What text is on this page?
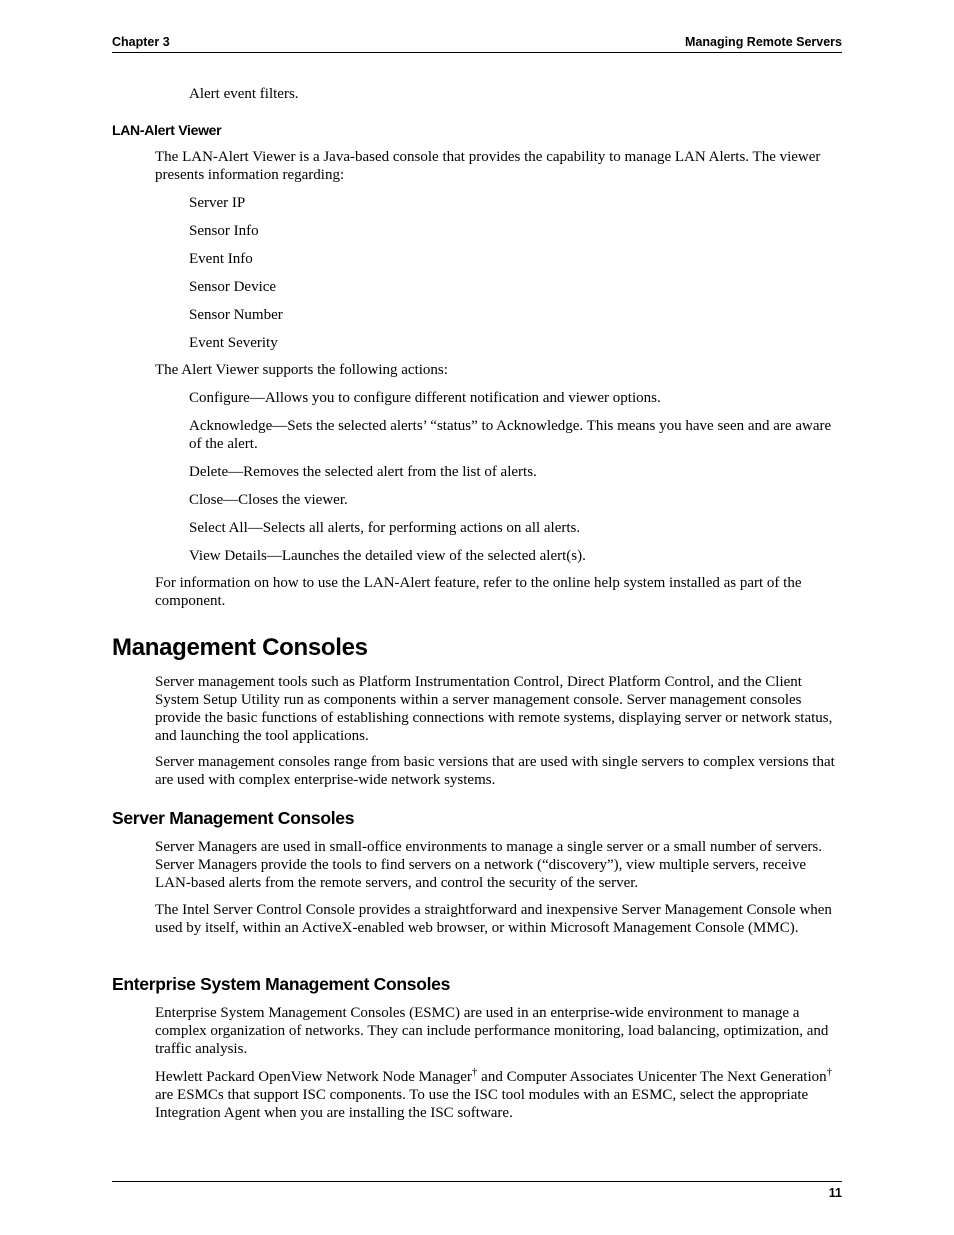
Chapter 3	Managing Remote Servers
Alert event filters.
LAN-Alert Viewer
The LAN-Alert Viewer is a Java-based console that provides the capability to manage LAN Alerts. The viewer presents information regarding:
Server IP
Sensor Info
Event Info
Sensor Device
Sensor Number
Event Severity
The Alert Viewer supports the following actions:
Configure—Allows you to configure different notification and viewer options.
Acknowledge—Sets the selected alerts’ “status” to Acknowledge. This means you have seen and are aware of the alert.
Delete—Removes the selected alert from the list of alerts.
Close—Closes the viewer.
Select All—Selects all alerts, for performing actions on all alerts.
View Details—Launches the detailed view of the selected alert(s).
For information on how to use the LAN-Alert feature, refer to the online help system installed as part of the component.
Management Consoles
Server management tools such as Platform Instrumentation Control, Direct Platform Control, and the Client System Setup Utility run as components within a server management console. Server management consoles provide the basic functions of establishing connections with remote systems, displaying server or network status, and launching the tool applications.
Server management consoles range from basic versions that are used with single servers to complex versions that are used with complex enterprise-wide network systems.
Server Management Consoles
Server Managers are used in small-office environments to manage a single server or a small number of servers. Server Managers provide the tools to find servers on a network (“discovery”), view multiple servers, receive LAN-based alerts from the remote servers, and control the security of the server.
The Intel Server Control Console provides a straightforward and inexpensive Server Management Console when used by itself, within an ActiveX-enabled web browser, or within Microsoft Management Console (MMC).
Enterprise System Management Consoles
Enterprise System Management Consoles (ESMC) are used in an enterprise-wide environment to manage a complex organization of networks. They can include performance monitoring, load balancing, optimization, and traffic analysis.
Hewlett Packard OpenView Network Node Manager† and Computer Associates Unicenter The Next Generation† are ESMCs that support ISC components. To use the ISC tool modules with an ESMC, select the appropriate Integration Agent when you are installing the ISC software.
11
